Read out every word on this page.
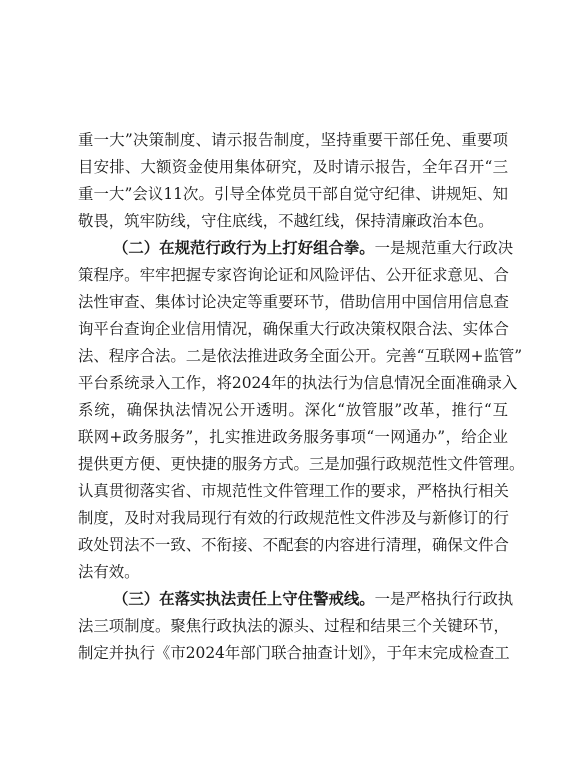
重一大”决策制度、请示报告制度，坚持重要干部任免、重要项
目安排、大额资金使用集体研究，及时请示报告，全年召开“三
重一大”会议11次。引导全体党员干部自觉守纪律、讲规矩、知
敬畏，筑牢防线，守住底线，不越红线，保持清廉政治本色。
（二）在规范行政行为上打好组合拳。一是规范重大行政决
策程序。牢牢把握专家咨询论证和风险评估、公开征求意见、合
法性审查、集体讨论决定等重要环节，借助信用中国信用信息查
询平台查询企业信用情况，确保重大行政决策权限合法、实体合
法、程序合法。二是依法推进政务全面公开。完善“互联网+监管”
平台系统录入工作，将2024年的执法行为信息情况全面准确录入
系统，确保执法情况公开透明。深化“放管服”改革，推行“互
联网+政务服务”，扎实推进政务服务事项“一网通办”，给企业
提供更方便、更快捷的服务方式。三是加强行政规范性文件管理。
认真贯彻落实省、市规范性文件管理工作的要求，严格执行相关
制度，及时对我局现行有效的行政规范性文件涉及与新修订的行
政处罚法不一致、不衔接、不配套的内容进行清理，确保文件合
法有效。
（三）在落实执法责任上守住警戒线。一是严格执行行政执
法三项制度。聚焦行政执法的源头、过程和结果三个关键环节，
制定并执行《市2024年部门联合抽查计划》，于年末完成检查工
